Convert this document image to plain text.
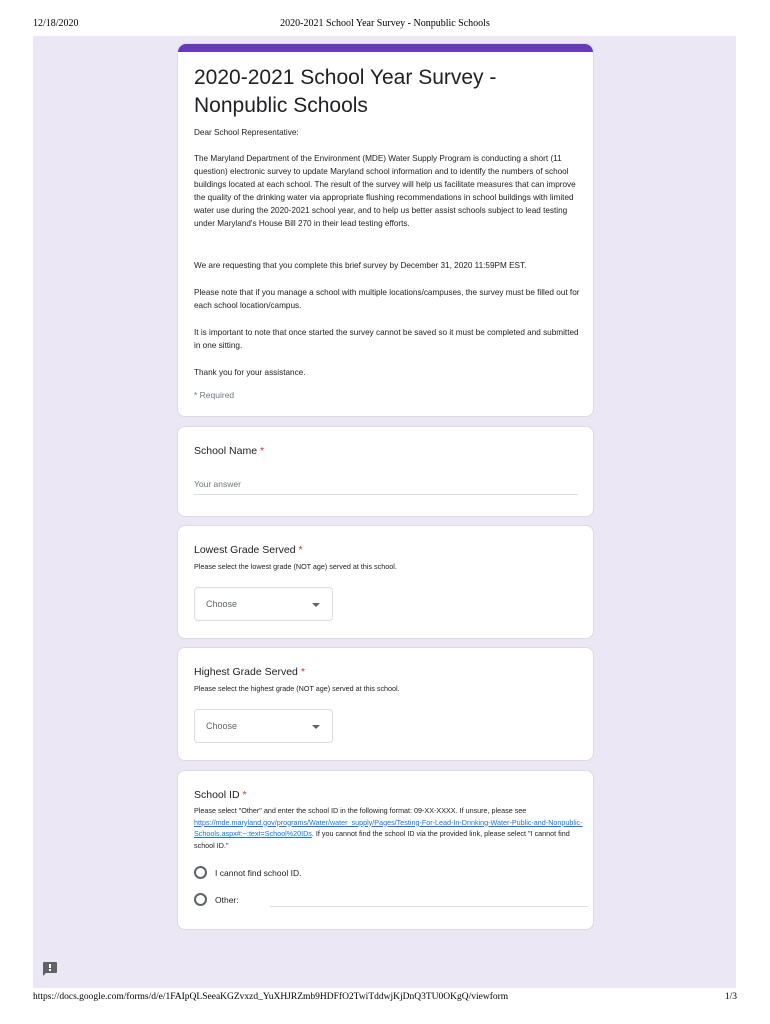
12/18/2020	2020-2021 School Year Survey - Nonpublic Schools
2020-2021 School Year Survey - Nonpublic Schools
Dear School Representative:
The Maryland Department of the Environment (MDE) Water Supply Program is conducting a short (11 question) electronic survey to update Maryland school information and to identify the numbers of school buildings located at each school. The result of the survey will help us facilitate measures that can improve the quality of the drinking water via appropriate flushing recommendations in school buildings with limited water use during the 2020-2021 school year, and to help us better assist schools subject to lead testing under Maryland's House Bill 270 in their lead testing efforts.
We are requesting that you complete this brief survey by December 31, 2020 11:59PM EST.
Please note that if you manage a school with multiple locations/campuses, the survey must be filled out for each school location/campus.
It is important to note that once started the survey cannot be saved so it must be completed and submitted in one sitting.
Thank you for your assistance.
* Required
School Name *
Your answer
Lowest Grade Served *
Please select the lowest grade (NOT age) served at this school.
Choose
Highest Grade Served *
Please select the highest grade (NOT age) served at this school.
Choose
School ID *
Please select "Other" and enter the school ID in the following format: 09-XX-XXXX. If unsure, please see https://mde.maryland.gov/programs/Water/water_supply/Pages/Testing-For-Lead-In-Drinking-Water-Public-and-Nonpublic-Schools.aspx#:~:text=School%20IDs. If you cannot find the school ID via the provided link, please select "I cannot find school ID."
I cannot find school ID.
Other:
https://docs.google.com/forms/d/e/1FAIpQLSeeaKGZvxzd_YuXHJRZmb9HDFfO2TwiTddwjKjDnQ3TU0OKgQ/viewform	1/3
